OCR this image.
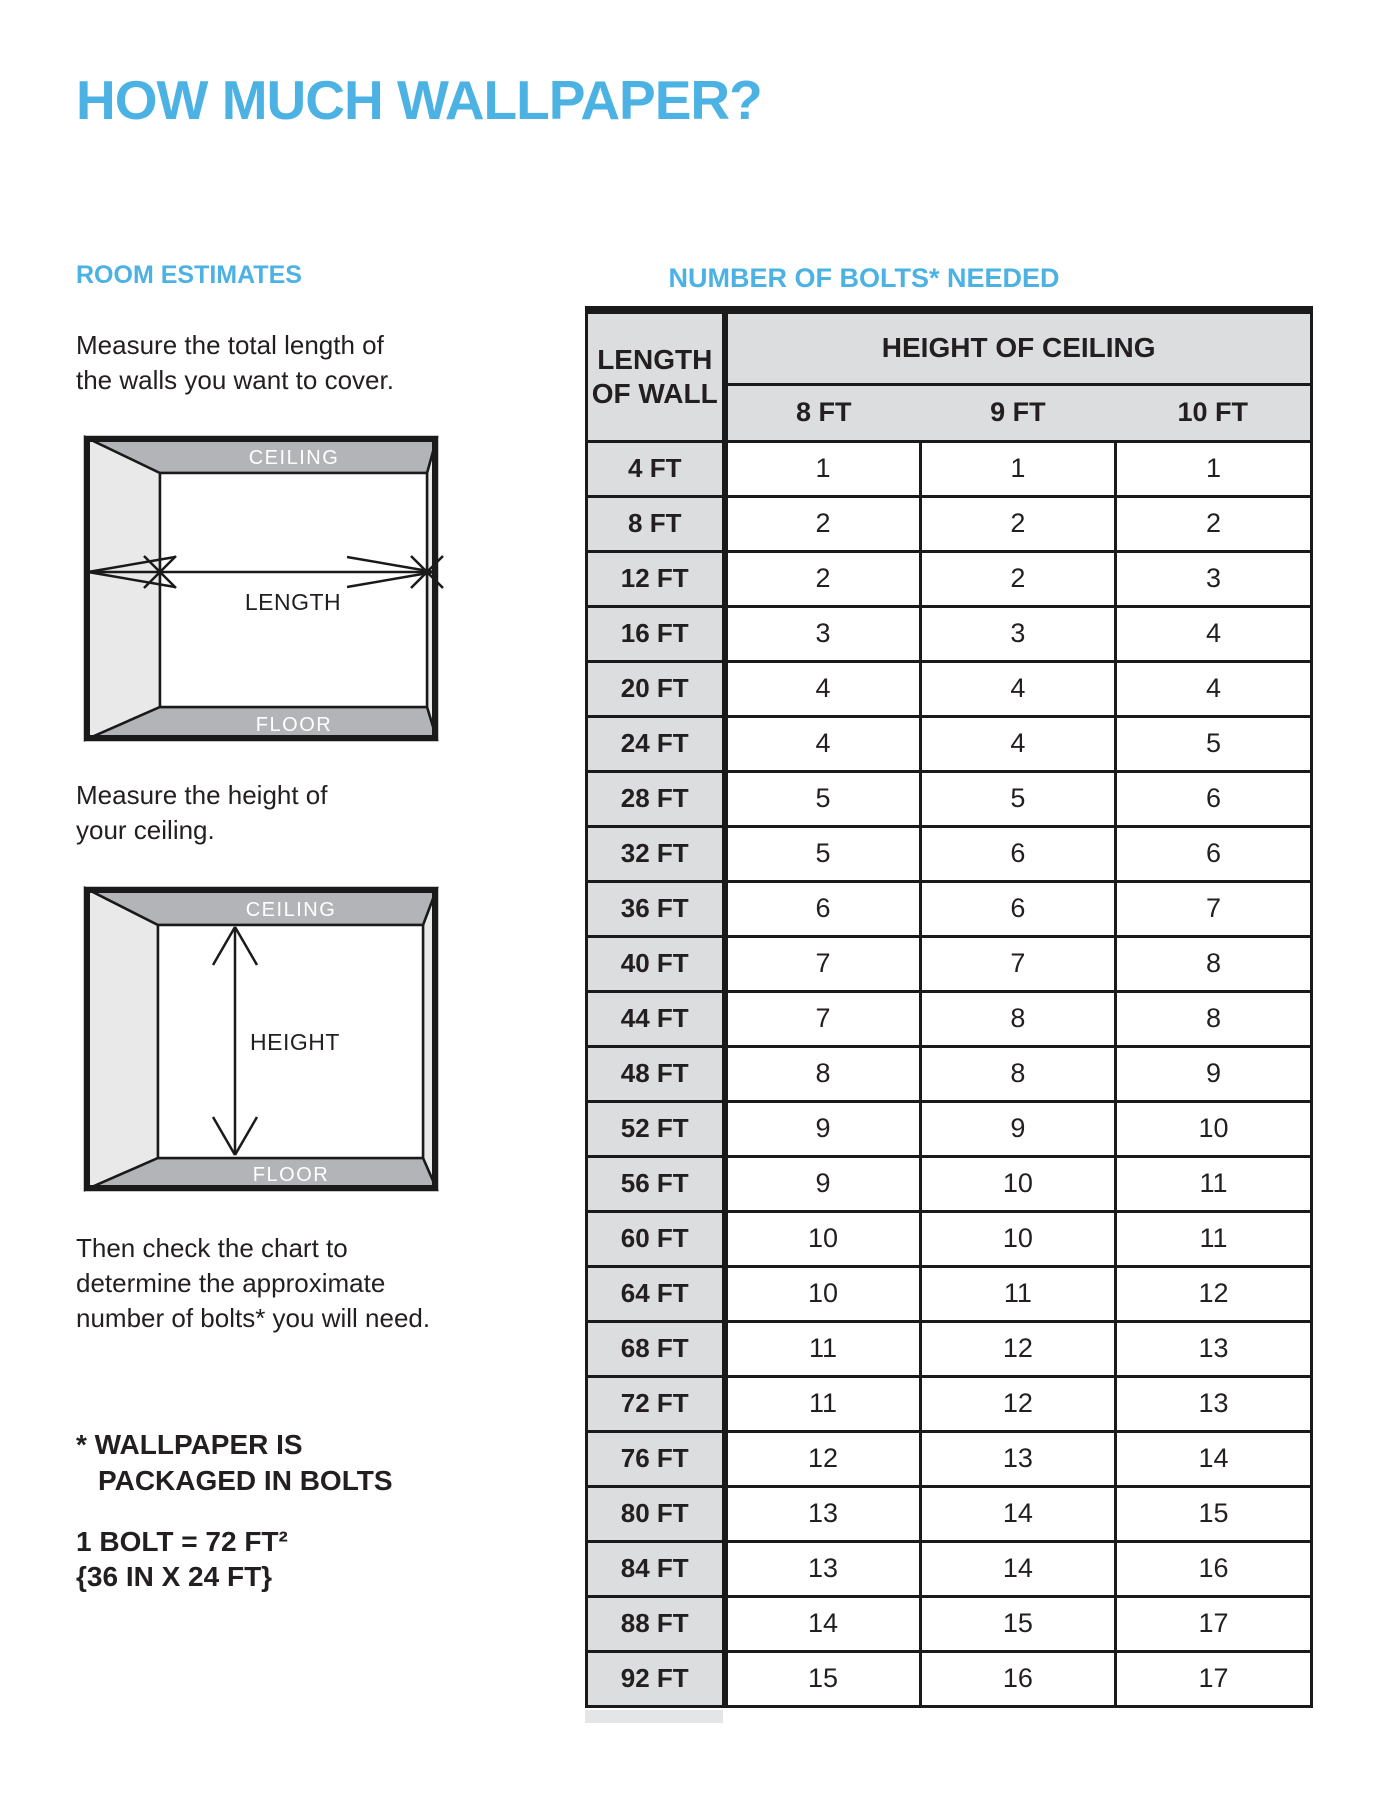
HOW MUCH WALLPAPER?
ROOM ESTIMATES
Measure the total length of
the walls you want to cover.
CEILING
LENGTH
FLOOR
Measure the height of
your ceiling.
CEILING
HEIGHT
FLOOR
Then check the chart to
determine the approximate
number of bolts* you will need.
* WALLPAPER IS
PACKAGED IN BOLTS
1 BOLT = 72 FT²
{36 IN X 24 FT}
NUMBER OF BOLTS* NEEDED
LENGTH
OF WALL	HEIGHT OF CEILING		
	8 FT	9 FT	10 FT
4 FT	1	1	1
8 FT	2	2	2
12 FT	2	2	3
16 FT	3	3	4
20 FT	4	4	4
24 FT	4	4	5
28 FT	5	5	6
32 FT	5	6	6
36 FT	6	6	7
40 FT	7	7	8
44 FT	7	8	8
48 FT	8	8	9
52 FT	9	9	10
56 FT	9	10	11
60 FT	10	10	11
64 FT	10	11	12
68 FT	11	12	13
72 FT	11	12	13
76 FT	12	13	14
80 FT	13	14	15
84 FT	13	14	16
88 FT	14	15	17
92 FT	15	16	17
